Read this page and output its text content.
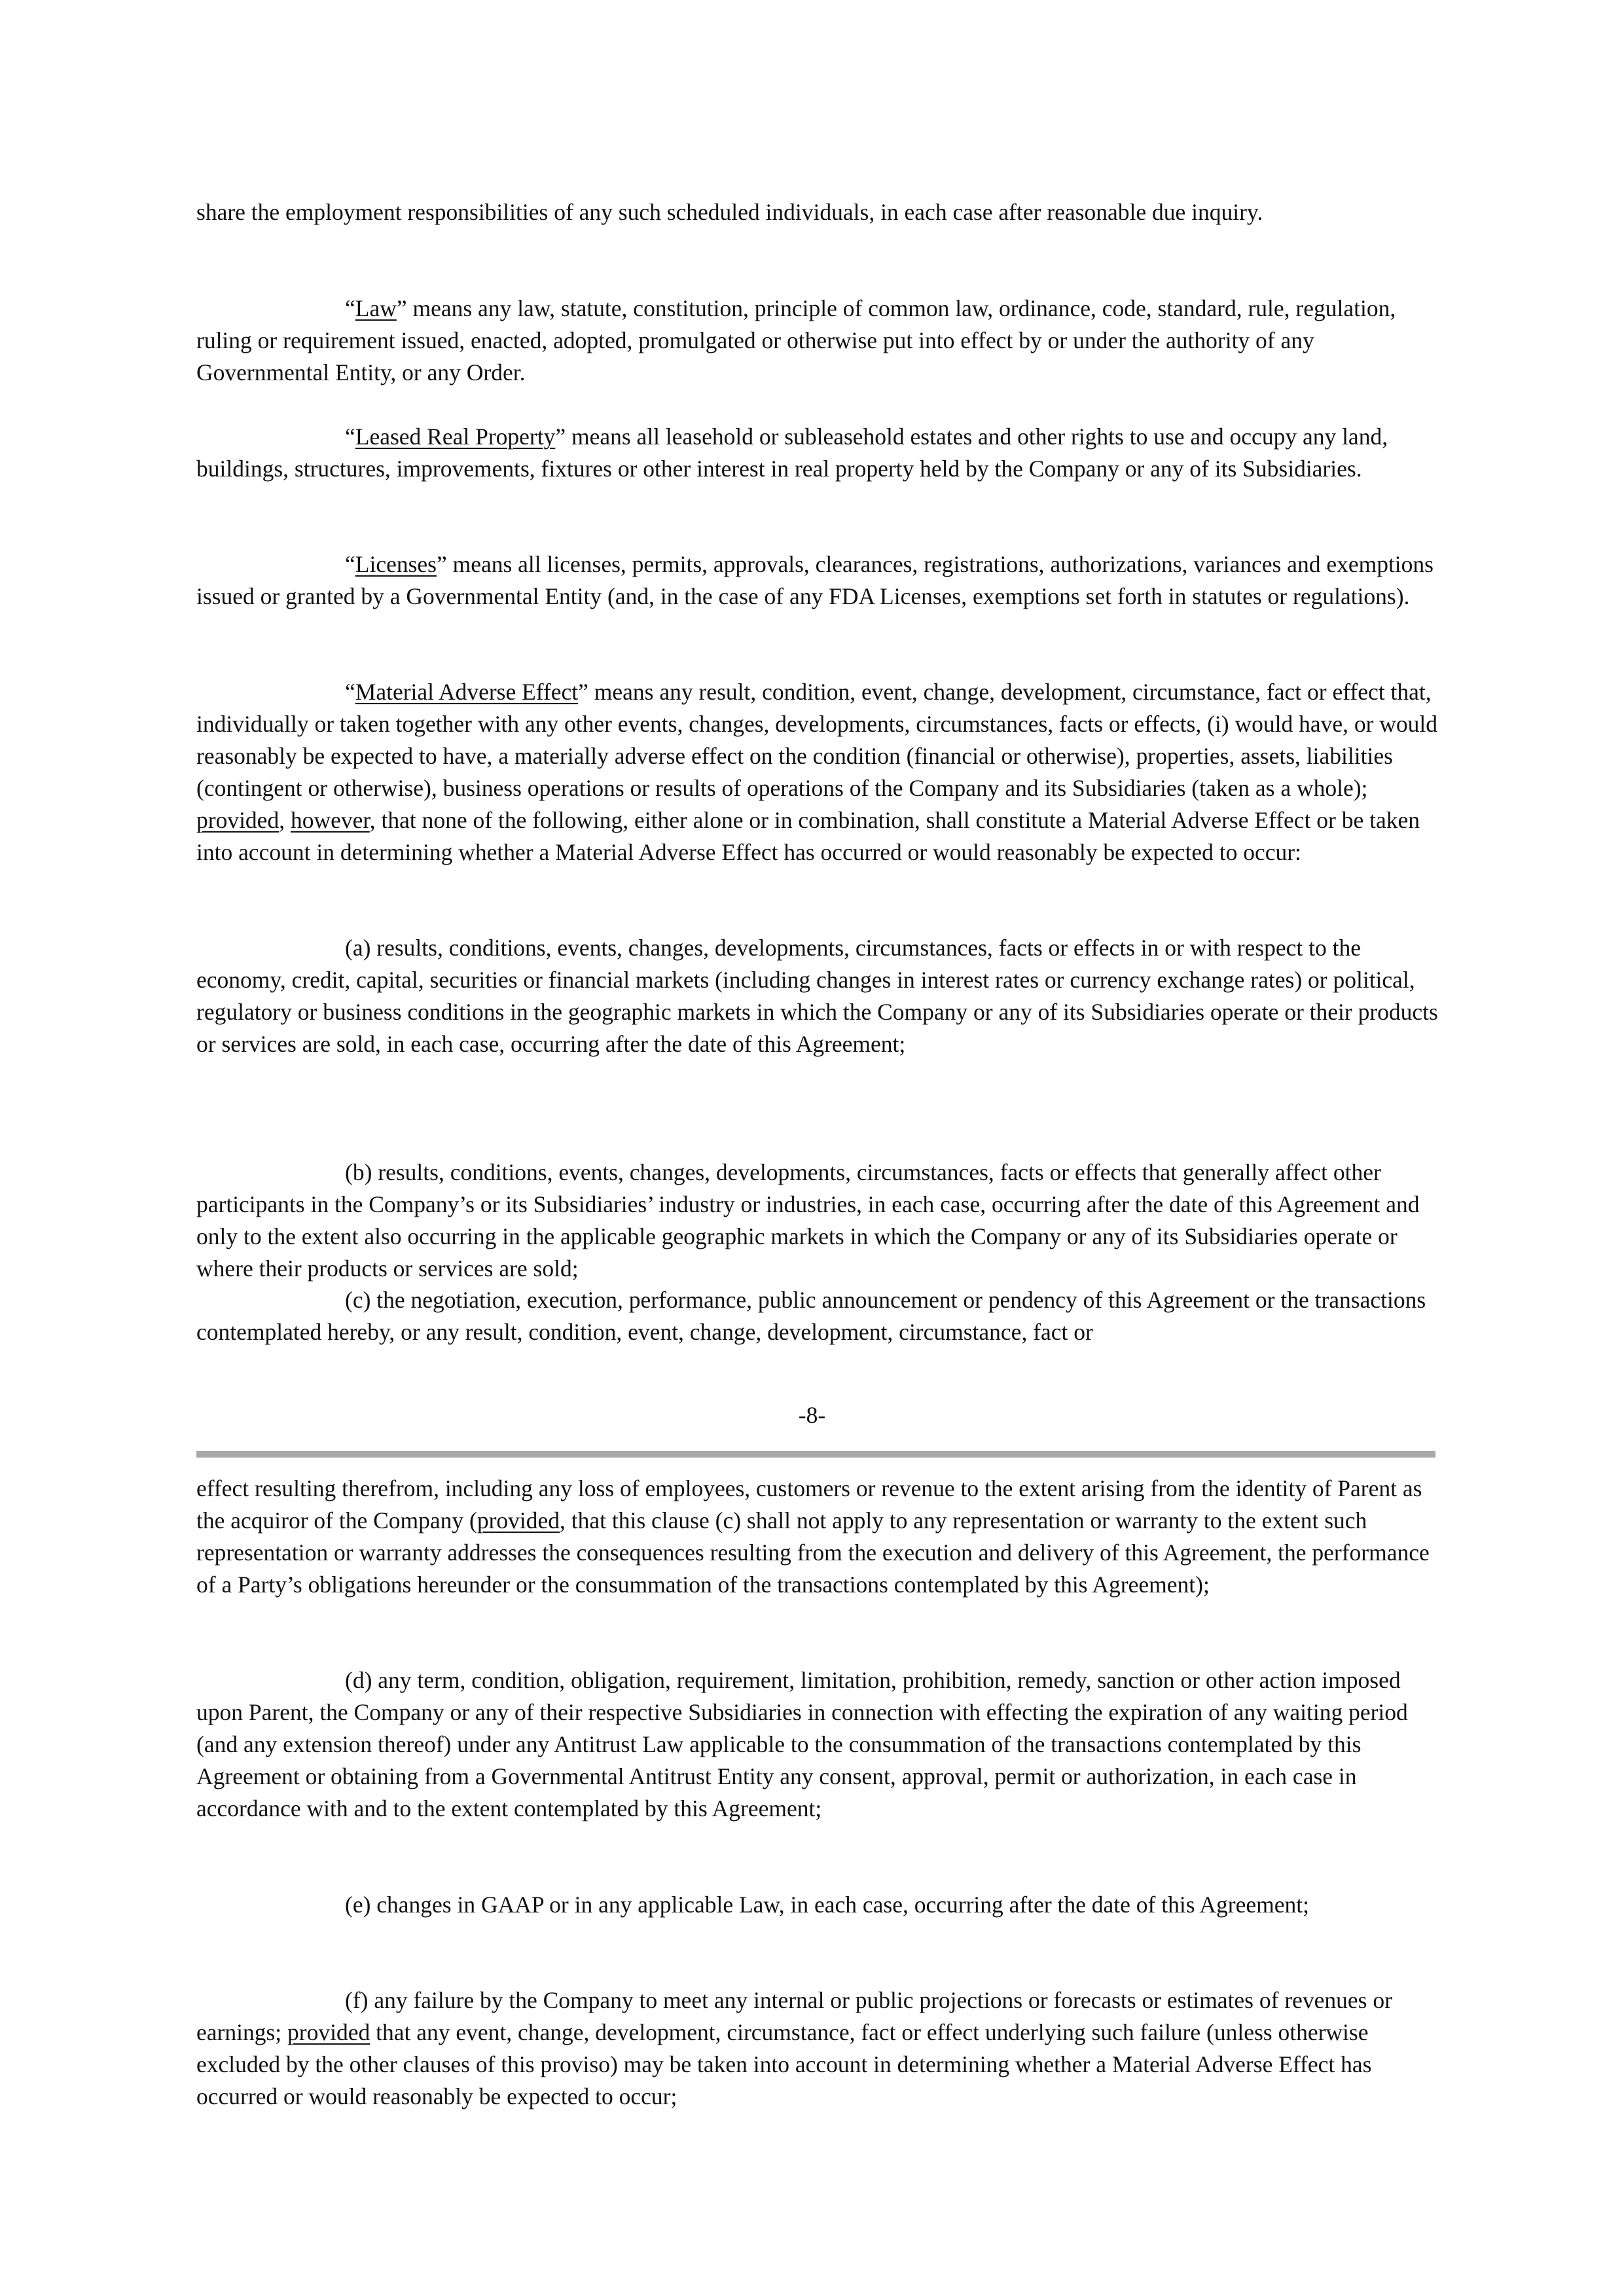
share the employment responsibilities of any such scheduled individuals, in each case after reasonable due inquiry.

“Law” means any law, statute, constitution, principle of common law, ordinance, code, standard, rule, regulation, ruling or requirement issued, enacted, adopted, promulgated or otherwise put into effect by or under the authority of any Governmental Entity, or any Order.

“Leased Real Property” means all leasehold or subleasehold estates and other rights to use and occupy any land, buildings, structures, improvements, fixtures or other interest in real property held by the Company or any of its Subsidiaries.

“Licenses” means all licenses, permits, approvals, clearances, registrations, authorizations, variances and exemptions issued or granted by a Governmental Entity (and, in the case of any FDA Licenses, exemptions set forth in statutes or regulations).

“Material Adverse Effect” means any result, condition, event, change, development, circumstance, fact or effect that, individually or taken together with any other events, changes, developments, circumstances, facts or effects, (i) would have, or would reasonably be expected to have, a materially adverse effect on the condition (financial or otherwise), properties, assets, liabilities (contingent or otherwise), business operations or results of operations of the Company and its Subsidiaries (taken as a whole); provided, however, that none of the following, either alone or in combination, shall constitute a Material Adverse Effect or be taken into account in determining whether a Material Adverse Effect has occurred or would reasonably be expected to occur:

(a) results, conditions, events, changes, developments, circumstances, facts or effects in or with respect to the economy, credit, capital, securities or financial markets (including changes in interest rates or currency exchange rates) or political, regulatory or business conditions in the geographic markets in which the Company or any of its Subsidiaries operate or their products or services are sold, in each case, occurring after the date of this Agreement;

(b) results, conditions, events, changes, developments, circumstances, facts or effects that generally affect other participants in the Company’s or its Subsidiaries’ industry or industries, in each case, occurring after the date of this Agreement and only to the extent also occurring in the applicable geographic markets in which the Company or any of its Subsidiaries operate or where their products or services are sold;

(c) the negotiation, execution, performance, public announcement or pendency of this Agreement or the transactions contemplated hereby, or any result, condition, event, change, development, circumstance, fact or

-8-

effect resulting therefrom, including any loss of employees, customers or revenue to the extent arising from the identity of Parent as the acquiror of the Company (provided, that this clause (c) shall not apply to any representation or warranty to the extent such representation or warranty addresses the consequences resulting from the execution and delivery of this Agreement, the performance of a Party’s obligations hereunder or the consummation of the transactions contemplated by this Agreement);

(d) any term, condition, obligation, requirement, limitation, prohibition, remedy, sanction or other action imposed upon Parent, the Company or any of their respective Subsidiaries in connection with effecting the expiration of any waiting period (and any extension thereof) under any Antitrust Law applicable to the consummation of the transactions contemplated by this Agreement or obtaining from a Governmental Antitrust Entity any consent, approval, permit or authorization, in each case in accordance with and to the extent contemplated by this Agreement;

(e) changes in GAAP or in any applicable Law, in each case, occurring after the date of this Agreement;

(f) any failure by the Company to meet any internal or public projections or forecasts or estimates of revenues or earnings; provided that any event, change, development, circumstance, fact or effect underlying such failure (unless otherwise excluded by the other clauses of this proviso) may be taken into account in determining whether a Material Adverse Effect has occurred or would reasonably be expected to occur;
